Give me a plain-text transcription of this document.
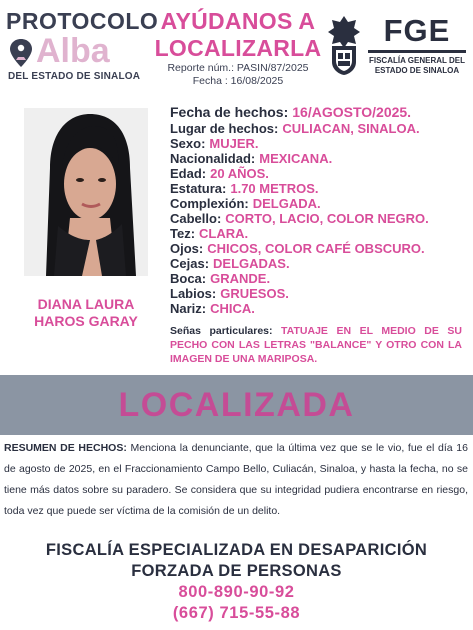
PROTOCOLO
Alba
DEL ESTADO DE SINALOA
AYÚDANOS A
LOCALIZARLA
Reporte núm.: PASIN/87/2025
Fecha : 16/08/2025
FGE
FISCALÍA GENERAL DEL
ESTADO DE SINALOA
DIANA LAURA
HAROS GARAY
Fecha de hechos: 16/AGOSTO/2025.
Lugar de hechos: CULIACAN, SINALOA.
Sexo: MUJER.
Nacionalidad: MEXICANA.
Edad: 20 AÑOS.
Estatura: 1.70 METROS.
Complexión: DELGADA.
Cabello: CORTO, LACIO, COLOR NEGRO.
Tez: CLARA.
Ojos: CHICOS, COLOR CAFÉ OBSCURO.
Cejas: DELGADAS.
Boca: GRANDE.
Labios: GRUESOS.
Nariz: CHICA.
Señas particulares: TATUAJE EN EL MEDIO DE SU PECHO CON LAS LETRAS "BALANCE" Y OTRO CON LA IMAGEN DE UNA MARIPOSA.
LOCALIZADA
RESUMEN DE HECHOS: Menciona la denunciante, que la última vez que se le vio, fue el día 16 de agosto de 2025, en el Fraccionamiento Campo Bello, Culiacán, Sinaloa, y hasta la fecha, no se tiene más datos sobre su paradero. Se considera que su integridad pudiera encontrarse en riesgo, toda vez que puede ser víctima de la comisión de un delito.
FISCALÍA ESPECIALIZADA EN DESAPARICIÓN
FORZADA DE PERSONAS
800-890-90-92
(667) 715-55-88
